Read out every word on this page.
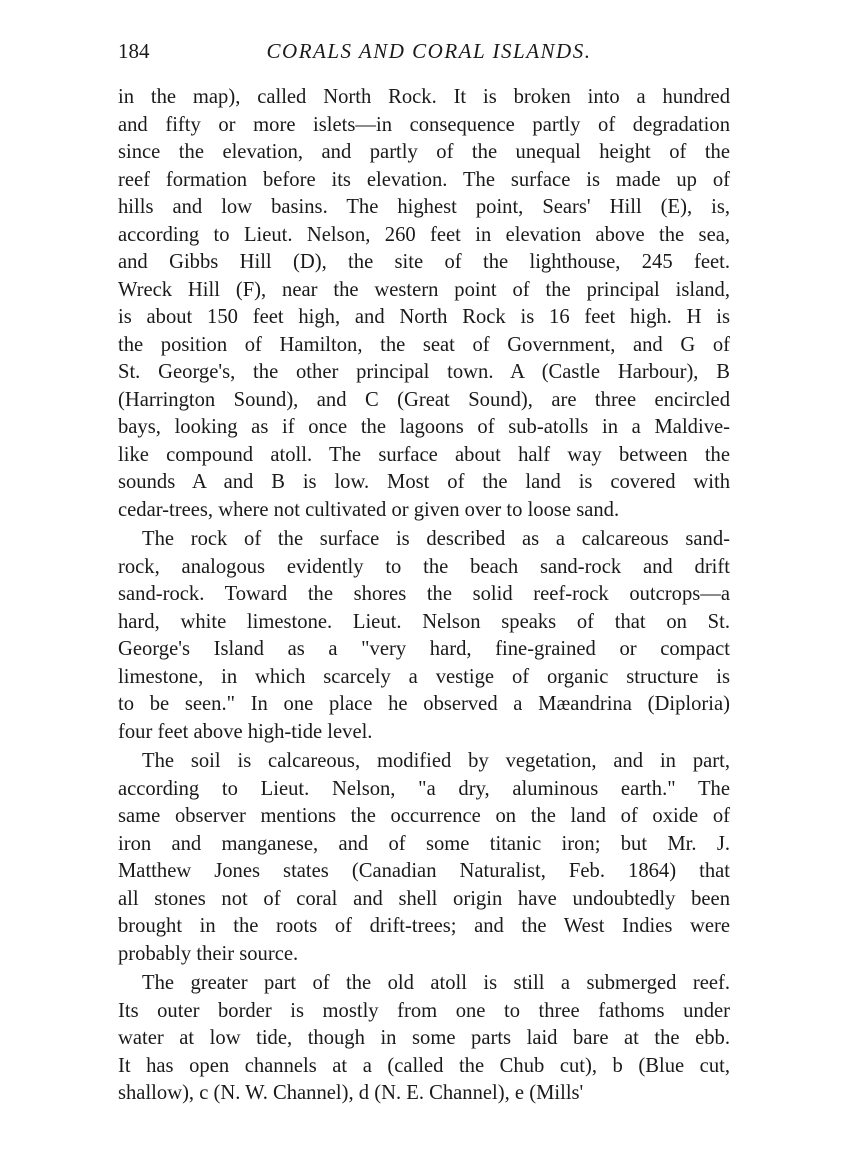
184	CORALS AND CORAL ISLANDS.
in the map), called North Rock. It is broken into a hundred
and fifty or more islets—in consequence partly of degradation
since the elevation, and partly of the unequal height of the
reef formation before its elevation. The surface is made up of
hills and low basins. The highest point, Sears' Hill (E), is,
according to Lieut. Nelson, 260 feet in elevation above the sea,
and Gibbs Hill (D), the site of the lighthouse, 245 feet.
Wreck Hill (F), near the western point of the principal island,
is about 150 feet high, and North Rock is 16 feet high. H is
the position of Hamilton, the seat of Government, and G of
St. George's, the other principal town. A (Castle Harbour), B
(Harrington Sound), and C (Great Sound), are three encircled
bays, looking as if once the lagoons of sub-atolls in a Maldive-
like compound atoll. The surface about half way between the
sounds A and B is low. Most of the land is covered with
cedar-trees, where not cultivated or given over to loose sand.
The rock of the surface is described as a calcareous sand-
rock, analogous evidently to the beach sand-rock and drift
sand-rock. Toward the shores the solid reef-rock outcrops—a
hard, white limestone. Lieut. Nelson speaks of that on St.
George's Island as a "very hard, fine-grained or compact
limestone, in which scarcely a vestige of organic structure is
to be seen." In one place he observed a Mæandrina (Diploria)
four feet above high-tide level.
The soil is calcareous, modified by vegetation, and in part,
according to Lieut. Nelson, "a dry, aluminous earth." The
same observer mentions the occurrence on the land of oxide of
iron and manganese, and of some titanic iron; but Mr. J.
Matthew Jones states (Canadian Naturalist, Feb. 1864) that
all stones not of coral and shell origin have undoubtedly been
brought in the roots of drift-trees; and the West Indies were
probably their source.
The greater part of the old atoll is still a submerged reef.
Its outer border is mostly from one to three fathoms under
water at low tide, though in some parts laid bare at the ebb.
It has open channels at a (called the Chub cut), b (Blue cut,
shallow), c (N. W. Channel), d (N. E. Channel), e (Mills'
